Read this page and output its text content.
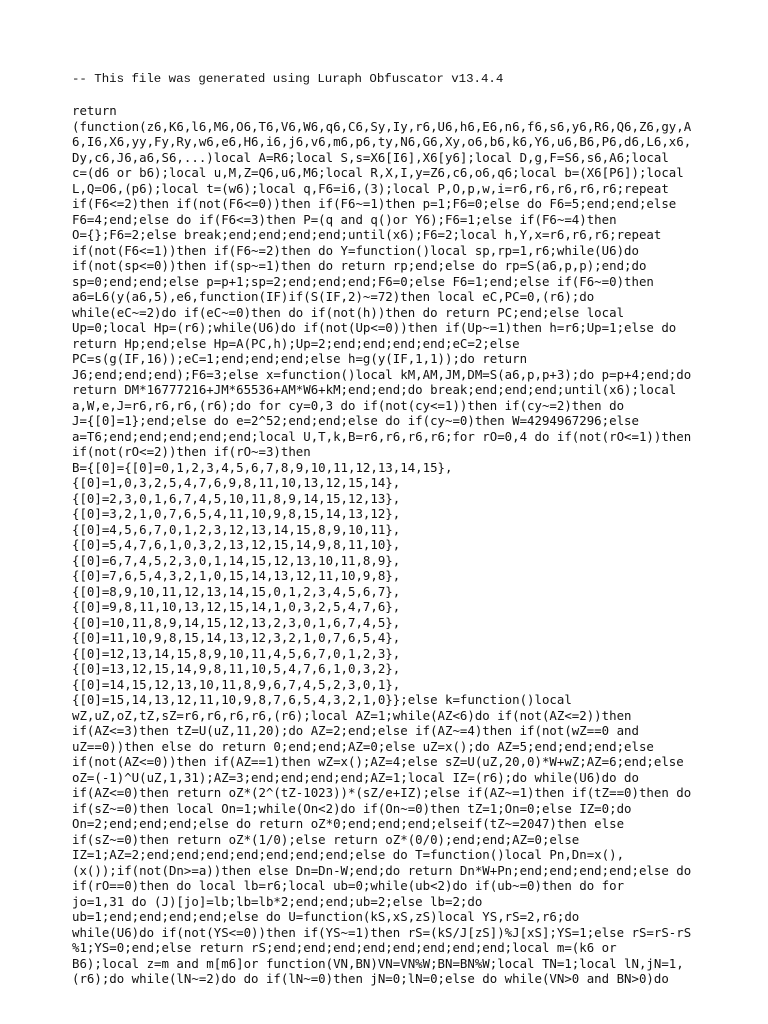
-- This file was generated using Luraph Obfuscator v13.4.4
return
(function(z6,K6,l6,M6,O6,T6,V6,W6,q6,C6,Sy,Iy,r6,U6,h6,E6,n6,f6,s6,y6,R6,Q6,Z6,gy,A
6,I6,X6,yy,Fy,Ry,w6,e6,H6,i6,j6,v6,m6,p6,ty,N6,G6,Xy,o6,b6,k6,Y6,u6,B6,P6,d6,L6,x6,
Dy,c6,J6,a6,S6,...)local A=R6;local S,s=X6[I6],X6[y6];local D,g,F=S6,s6,A6;local
c=(d6 or b6);local u,M,Z=Q6,u6,M6;local R,X,I,y=Z6,c6,o6,q6;local b=(X6[P6]);local
L,Q=O6,(p6);local t=(w6);local q,F6=i6,(3);local P,O,p,w,i=r6,r6,r6,r6,r6;repeat
if(F6<=2)then if(not(F6<=0))then if(F6~=1)then p=1;F6=0;else do F6=5;end;end;else
F6=4;end;else do if(F6<=3)then P=(q and q()or Y6);F6=1;else if(F6~=4)then
O={};F6=2;else break;end;end;end;end;until(x6);F6=2;local h,Y,x=r6,r6,r6;repeat
if(not(F6<=1))then if(F6~=2)then do Y=function()local sp,rp=1,r6;while(U6)do
if(not(sp<=0))then if(sp~=1)then do return rp;end;else do rp=S(a6,p,p);end;do
sp=0;end;end;else p=p+1;sp=2;end;end;end;F6=0;else F6=1;end;else if(F6~=0)then
a6=L6(y(a6,5),e6,function(IF)if(S(IF,2)~=72)then local eC,PC=0,(r6);do
while(eC~=2)do if(eC~=0)then do if(not(h))then do return PC;end;else local
Up=0;local Hp=(r6);while(U6)do if(not(Up<=0))then if(Up~=1)then h=r6;Up=1;else do
return Hp;end;else Hp=A(PC,h);Up=2;end;end;end;end;eC=2;else
PC=s(g(IF,16));eC=1;end;end;end;else h=g(y(IF,1,1));do return
J6;end;end;end);F6=3;else x=function()local kM,AM,JM,DM=S(a6,p,p+3);do p=p+4;end;do
return DM*16777216+JM*65536+AM*W6+kM;end;end;do break;end;end;end;until(x6);local
a,W,e,J=r6,r6,r6,(r6);do for cy=0,3 do if(not(cy<=1))then if(cy~=2)then do
J={[0]=1};end;else do e=2^52;end;end;else do if(cy~=0)then W=4294967296;else
a=T6;end;end;end;end;end;local U,T,k,B=r6,r6,r6,r6;for rO=0,4 do if(not(rO<=1))then
if(not(rO<=2))then if(rO~=3)then
B={[0]={[0]=0,1,2,3,4,5,6,7,8,9,10,11,12,13,14,15},
{[0]=1,0,3,2,5,4,7,6,9,8,11,10,13,12,15,14},
{[0]=2,3,0,1,6,7,4,5,10,11,8,9,14,15,12,13},
{[0]=3,2,1,0,7,6,5,4,11,10,9,8,15,14,13,12},
{[0]=4,5,6,7,0,1,2,3,12,13,14,15,8,9,10,11},
{[0]=5,4,7,6,1,0,3,2,13,12,15,14,9,8,11,10},
{[0]=6,7,4,5,2,3,0,1,14,15,12,13,10,11,8,9},
{[0]=7,6,5,4,3,2,1,0,15,14,13,12,11,10,9,8},
{[0]=8,9,10,11,12,13,14,15,0,1,2,3,4,5,6,7},
{[0]=9,8,11,10,13,12,15,14,1,0,3,2,5,4,7,6},
{[0]=10,11,8,9,14,15,12,13,2,3,0,1,6,7,4,5},
{[0]=11,10,9,8,15,14,13,12,3,2,1,0,7,6,5,4},
{[0]=12,13,14,15,8,9,10,11,4,5,6,7,0,1,2,3},
{[0]=13,12,15,14,9,8,11,10,5,4,7,6,1,0,3,2},
{[0]=14,15,12,13,10,11,8,9,6,7,4,5,2,3,0,1},
{[0]=15,14,13,12,11,10,9,8,7,6,5,4,3,2,1,0}};else k=function()local
wZ,uZ,oZ,tZ,sZ=r6,r6,r6,r6,(r6);local AZ=1;while(AZ<6)do if(not(AZ<=2))then
if(AZ<=3)then tZ=U(uZ,11,20);do AZ=2;end;else if(AZ~=4)then if(not(wZ==0 and
uZ==0))then else do return 0;end;end;AZ=0;else uZ=x();do AZ=5;end;end;end;else
if(not(AZ<=0))then if(AZ==1)then wZ=x();AZ=4;else sZ=U(uZ,20,0)*W+wZ;AZ=6;end;else
oZ=(-1)^U(uZ,1,31);AZ=3;end;end;end;end;AZ=1;local IZ=(r6);do while(U6)do do
if(AZ<=0)then return oZ*(2^(tZ-1023))*(sZ/e+IZ);else if(AZ~=1)then if(tZ==0)then do
if(sZ~=0)then local On=1;while(On<2)do if(On~=0)then tZ=1;On=0;else IZ=0;do
On=2;end;end;end;else do return oZ*0;end;end;end;elseif(tZ~=2047)then else
if(sZ~=0)then return oZ*(1/0);else return oZ*(0/0);end;end;AZ=0;else
IZ=1;AZ=2;end;end;end;end;end;end;end;else do T=function()local Pn,Dn=x(),
(x());if(not(Dn>=a))then else Dn=Dn-W;end;do return Dn*W+Pn;end;end;end;end;else do
if(rO==0)then do local lb=r6;local ub=0;while(ub<2)do if(ub~=0)then do for
jo=1,31 do (J)[jo]=lb;lb=lb*2;end;end;ub=2;else lb=2;do
ub=1;end;end;end;end;else do U=function(kS,xS,zS)local YS,rS=2,r6;do
while(U6)do if(not(YS<=0))then if(YS~=1)then rS=(kS/J[zS])%J[xS];YS=1;else rS=rS-rS
%1;YS=0;end;else return rS;end;end;end;end;end;end;end;end;local m=(k6 or
B6);local z=m and m[m6]or function(VN,BN)VN=VN%W;BN=BN%W;local TN=1;local lN,jN=1,
(r6);do while(lN~=2)do do if(lN~=0)then jN=0;lN=0;else do while(VN>0 and BN>0)do
